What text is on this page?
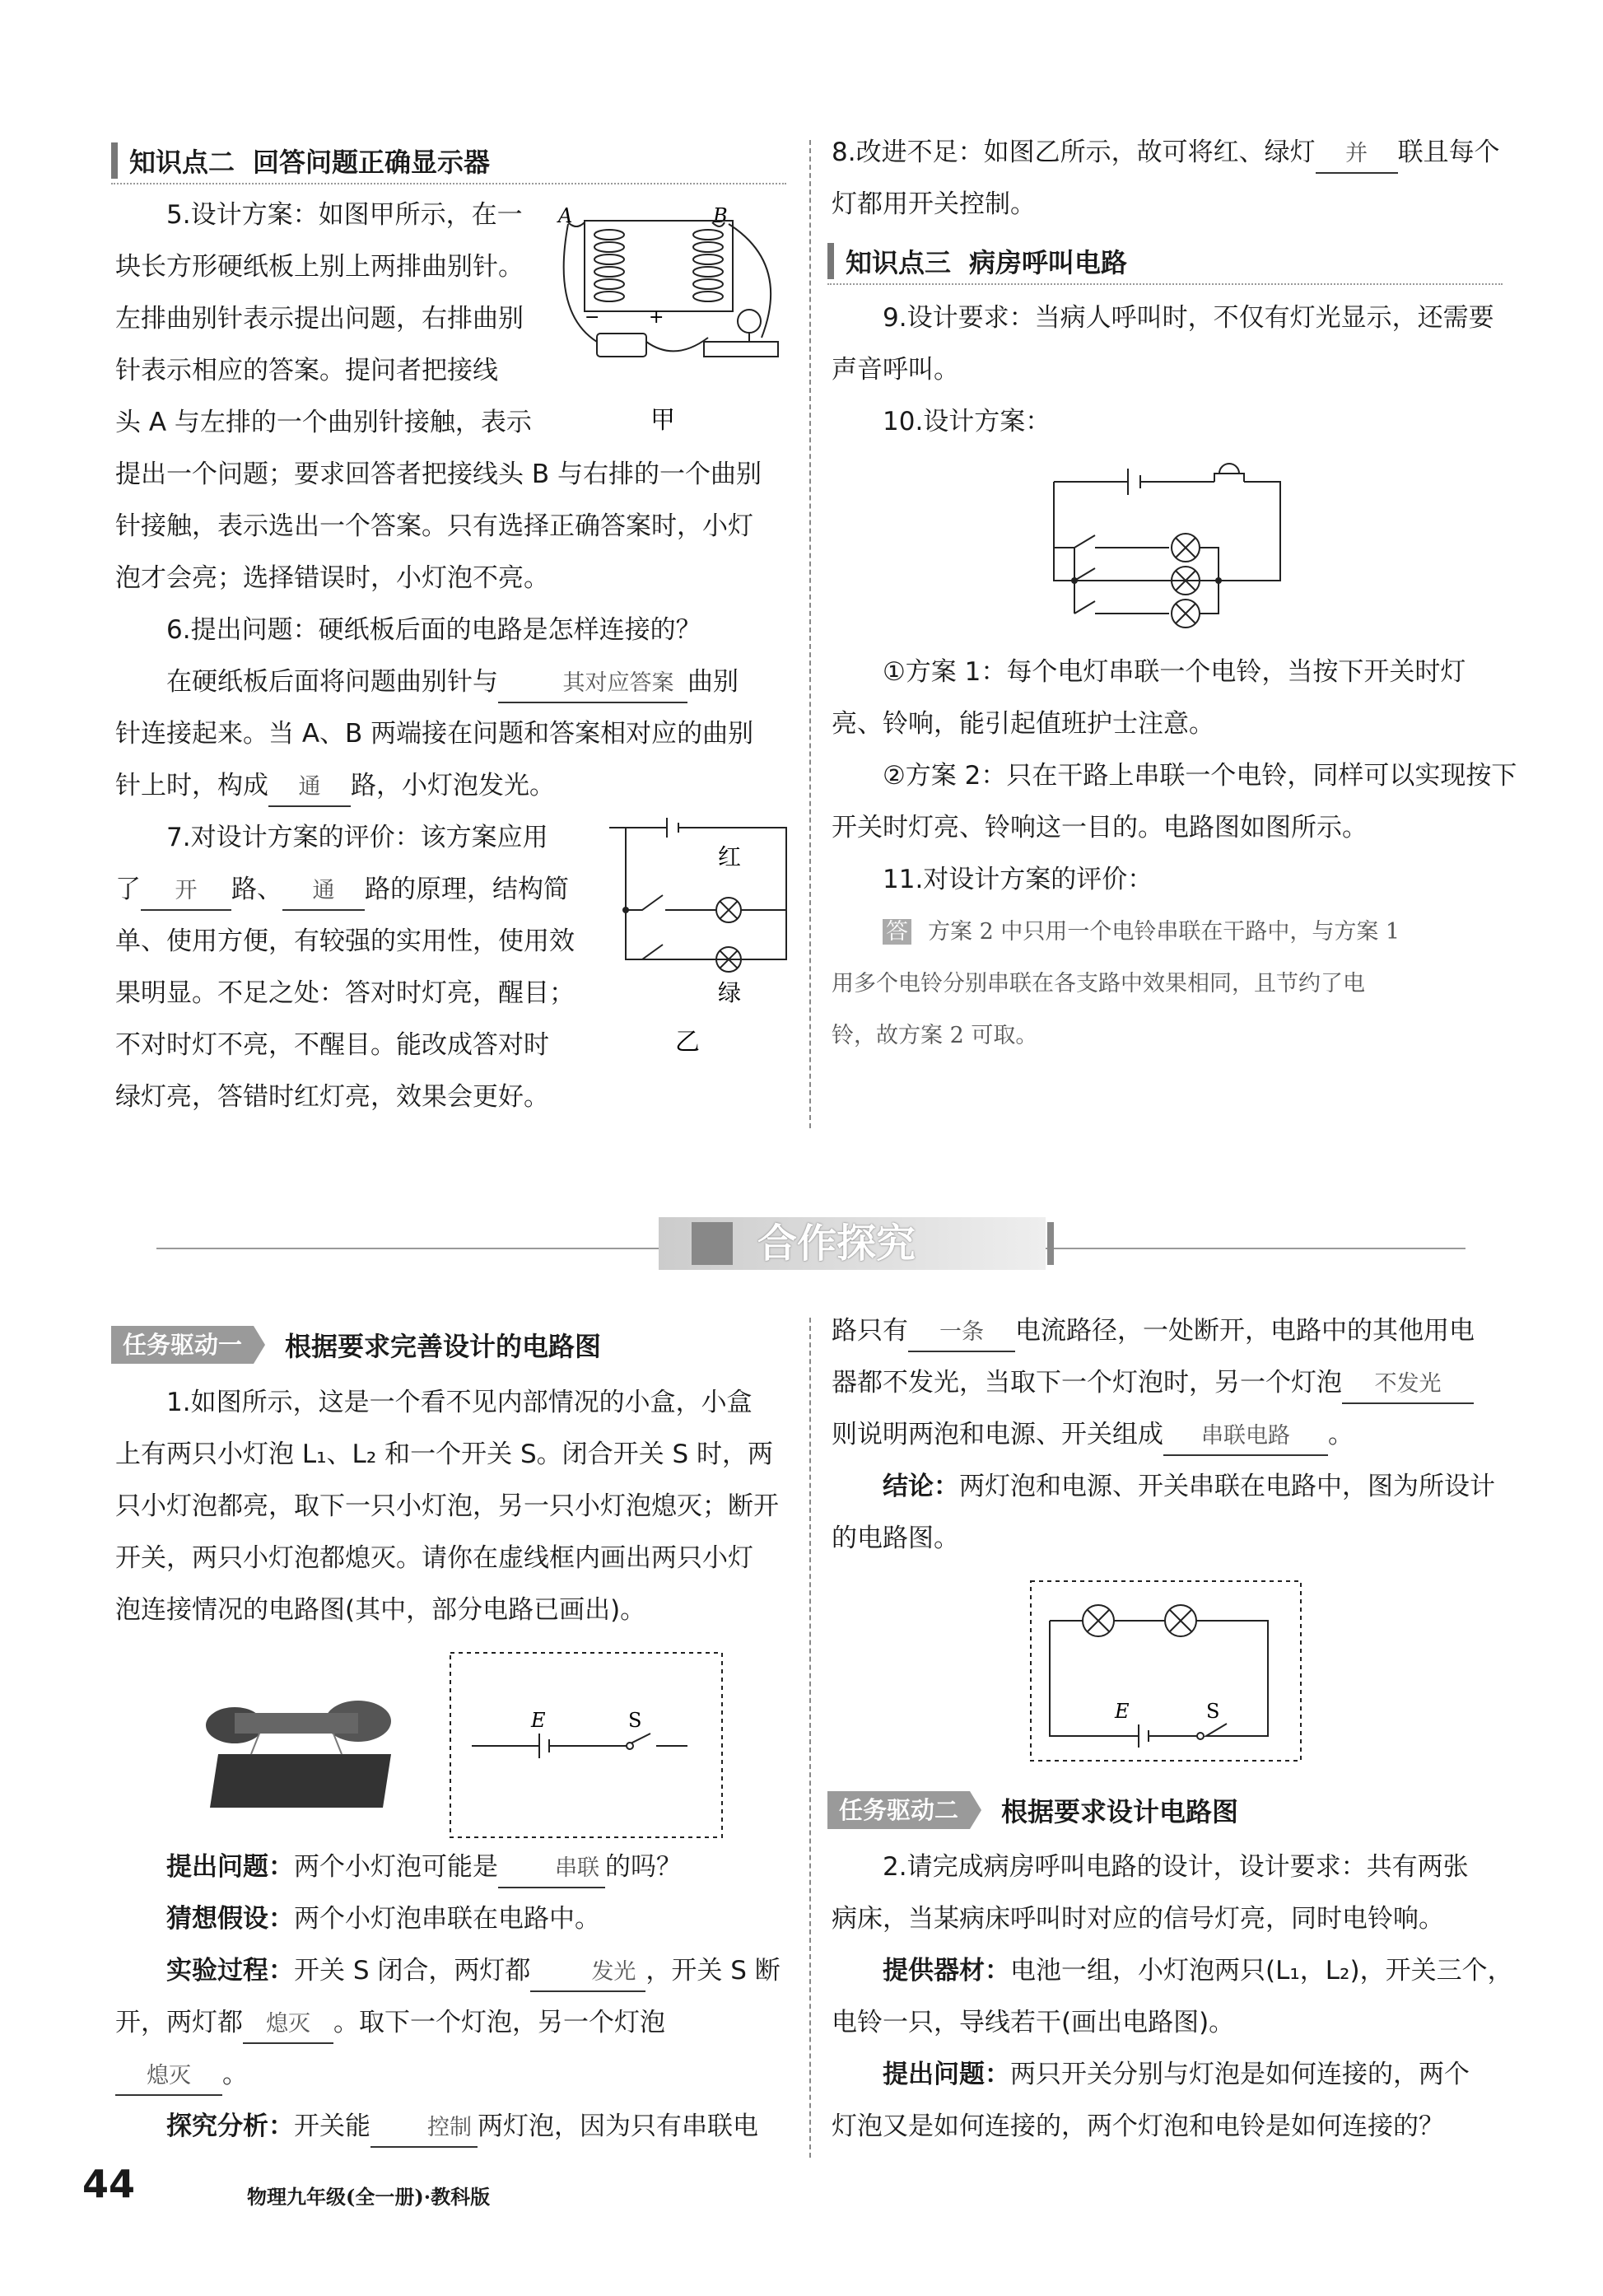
知识点二 回答问题正确显示器

5.设计方案：如图甲所示，在一

块长方形硬纸板上别上两排曲别针。

左排曲别针表示提出问题，右排曲别

针表示相应的答案。提问者把接线

头 A 与左排的一个曲别针接触，表示

提出一个问题；要求回答者把接线头 B 与右排的一个曲别

针接触，表示选出一个答案。只有选择正确答案时，小灯

泡才会亮；选择错误时，小灯泡不亮。

6.提出问题：硬纸板后面的电路是怎样连接的？

在硬纸板后面将问题曲别针与	其对应答案 曲别

针连接起来。当 A、B 两端接在问题和答案相对应的曲别

针上时，构成 通 路，小灯泡发光。

7.对设计方案的评价：该方案应用

了 开 路、 通 路的原理，结构简

单、使用方便，有较强的实用性，使用效

果明显。不足之处：答对时灯亮，醒目；

不对时灯不亮，不醒目。能改成答对时

绿灯亮，答错时红灯亮，效果会更好。

A	B
−	+
甲
红
绿
乙

8.改进不足：如图乙所示，故可将红、绿灯 并 联且每个

灯都用开关控制。

知识点三 病房呼叫电路

9.设计要求：当病人呼叫时，不仅有灯光显示，还需要

声音呼叫。

10.设计方案：

①方案 1：每个电灯串联一个电铃，当按下开关时灯

亮、铃响，能引起值班护士注意。

②方案 2：只在干路上串联一个电铃，同样可以实现按下

开关时灯亮、铃响这一目的。电路图如图所示。

11.对设计方案的评价：

答 方案 2 中只用一个电铃串联在干路中，与方案 1

用多个电铃分别串联在各支路中效果相同，且节约了电

铃，故方案 2 可取。

合作探究
任务驱动一	根据要求完善设计的电路图

1.如图所示，这是一个看不见内部情况的小盒，小盒

上有两只小灯泡 L₁、L₂ 和一个开关 S。闭合开关 S 时，两

只小灯泡都亮，取下一只小灯泡，另一只小灯泡熄灭；断开

开关，两只小灯泡都熄灭。请你在虚线框内画出两只小灯

泡连接情况的电路图(其中，部分电路已画出)。

E	S

提出问题：两个小灯泡可能是	串联 的吗？

猜想假设：两个小灯泡串联在电路中。

实验过程：开关 S 闭合，两灯都	发光 ，开关 S 断

开，两灯都 熄灭 。取下一个灯泡，另一个灯泡

熄灭 。

探究分析：开关能	控制 两灯泡，因为只有串联电

路只有 一条 电流路径，一处断开，电路中的其他用电

器都不发光，当取下一个灯泡时，另一个灯泡 不发光

则说明两泡和电源、开关组成 串联电路 。

结论：两灯泡和电源、开关串联在电路中，图为所设计

的电路图。

E	S
任务驱动二	根据要求设计电路图

2.请完成病房呼叫电路的设计，设计要求：共有两张

病床，当某病床呼叫时对应的信号灯亮，同时电铃响。

提供器材：电池一组，小灯泡两只(L₁，L₂)，开关三个，

电铃一只，导线若干(画出电路图)。

提出问题：两只开关分别与灯泡是如何连接的，两个

灯泡又是如何连接的，两个灯泡和电铃是如何连接的？

44	物理九年级(全一册)·教科版
